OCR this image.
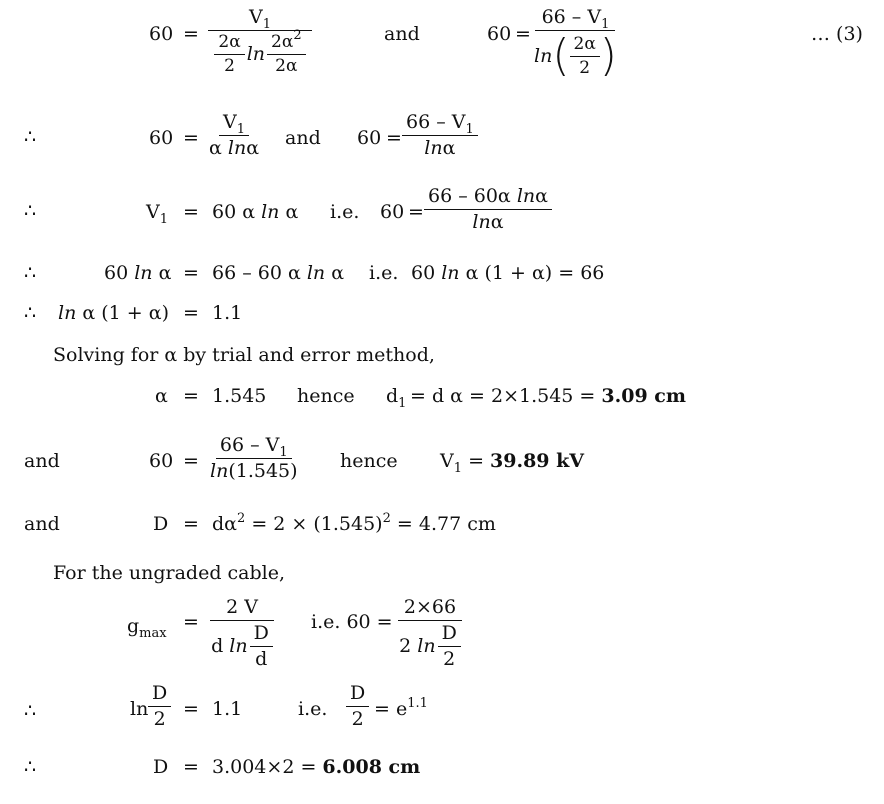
$60 = \frac{V_1}{\frac{2\alpha}{2} \ln \frac{2\alpha^2}{2\alpha}}$	and	$60 = \frac{66 - V_1}{\ln ( \frac{2\alpha}{2} )}$	… (3)
∴	$60 = \frac{V_1}{\text{α lnα}}$ and $60 = \frac{66 - V_1}{\ln\alpha}$
∴	$V_1 = 60$ α ln α i.e. $60 = \frac{\text{66 – 60α lnα}}{\ln\alpha}$
∴	60 ln α = 66 – 60 α ln α i.e. 60 ln α (1 + α) = 66
∴ ln α (1 + α) = 1.1
Solving for α by trial and error method,
α = 1.545 hence $d_1 = d$ α = 2×1.545 = 3.09 cm
and	$60 = \frac{66 - V_1}{\ln(1.545)}$ hence $V_1 = 39.89$ kV
and	$D = d\alpha^2 = 2 \times (1.545)^2 = 4.77$ cm
For the ungraded cable,
$g_{max}$
= $\frac{2 V}{d \ln \frac{D}{d}} i.e$. $60 = \frac{2\times 66}{2 \ln \frac{D}{2}}$
∴	$\ln \frac{D}{2} = 1.1$	i.e. $\frac{D}{2} = e^{1.1}$
∴	D = 3.004×2 = 6.008 cm
